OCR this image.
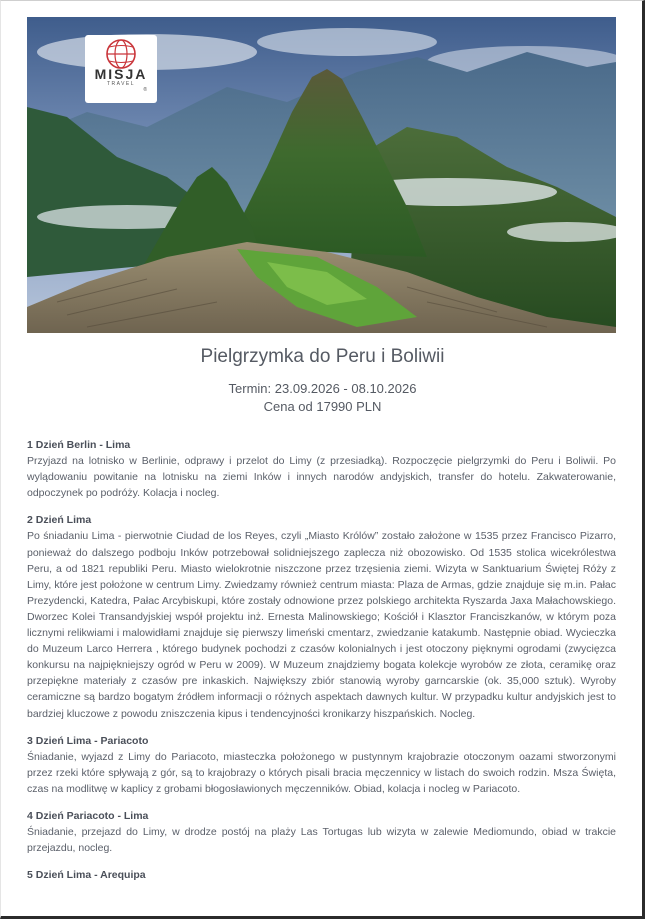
MISJA
TRAVEL
®
Pielgrzymka do Peru i Boliwii
Termin: 23.09.2026 - 08.10.2026
Cena od 17990 PLN
1 Dzień Berlin - Lima
Przyjazd na lotnisko w Berlinie, odprawy i przelot do Limy (z przesiadką). Rozpoczęcie pielgrzymki do Peru i Boliwii. Po wylądowaniu powitanie na lotnisku na ziemi Inków i innych narodów andyjskich, transfer do hotelu. Zakwaterowanie, odpoczynek po podróży. Kolacja i nocleg.
2 Dzień Lima
Po śniadaniu Lima - pierwotnie Ciudad de los Reyes, czyli „Miasto Królów” zostało założone w 1535 przez Francisco Pizarro, ponieważ do dalszego podboju Inków potrzebował solidniejszego zaplecza niż obozowisko. Od 1535 stolica wicekrólestwa Peru, a od 1821 republiki Peru. Miasto wielokrotnie niszczone przez trzęsienia ziemi. Wizyta w Sanktuarium Świętej Róży z Limy, które jest położone w centrum Limy. Zwiedzamy również centrum miasta: Plaza de Armas, gdzie znajduje się m.in. Pałac Prezydencki, Katedra, Pałac Arcybiskupi, które zostały odnowione przez polskiego architekta Ryszarda Jaxa Małachowskiego. Dworzec Kolei Transandyjskiej współ projektu inż. Ernesta Malinowskiego; Kościół i Klasztor Franciszkanów, w którym poza licznymi relikwiami i malowidłami znajduje się pierwszy limeński cmentarz, zwiedzanie katakumb. Następnie obiad. Wycieczka do Muzeum Larco Herrera , którego budynek pochodzi z czasów kolonialnych i jest otoczony pięknymi ogrodami (zwycięzca konkursu na najpiękniejszy ogród w Peru w 2009). W Muzeum znajdziemy bogata kolekcje wyrobów ze złota, ceramikę oraz przepiękne materiały z czasów pre inkaskich. Największy zbiór stanowią wyroby garncarskie (ok. 35,000 sztuk). Wyroby ceramiczne są bardzo bogatym źródłem informacji o różnych aspektach dawnych kultur. W przypadku kultur andyjskich jest to bardziej kluczowe z powodu zniszczenia kipus i tendencyjności kronikarzy hiszpańskich. Nocleg.
3 Dzień Lima - Pariacoto
Śniadanie, wyjazd z Limy do Pariacoto, miasteczka położonego w pustynnym krajobrazie otoczonym oazami stworzonymi przez rzeki które spływają z gór, są to krajobrazy o których pisali bracia męczennicy w listach do swoich rodzin. Msza Święta, czas na modlitwę w kaplicy z grobami błogosławionych męczenników. Obiad, kolacja i nocleg w Pariacoto.
4 Dzień Pariacoto - Lima
Śniadanie, przejazd do Limy, w drodze postój na plaży Las Tortugas lub wizyta w zalewie Mediomundo, obiad w trakcie przejazdu, nocleg.
5 Dzień Lima - Arequipa
